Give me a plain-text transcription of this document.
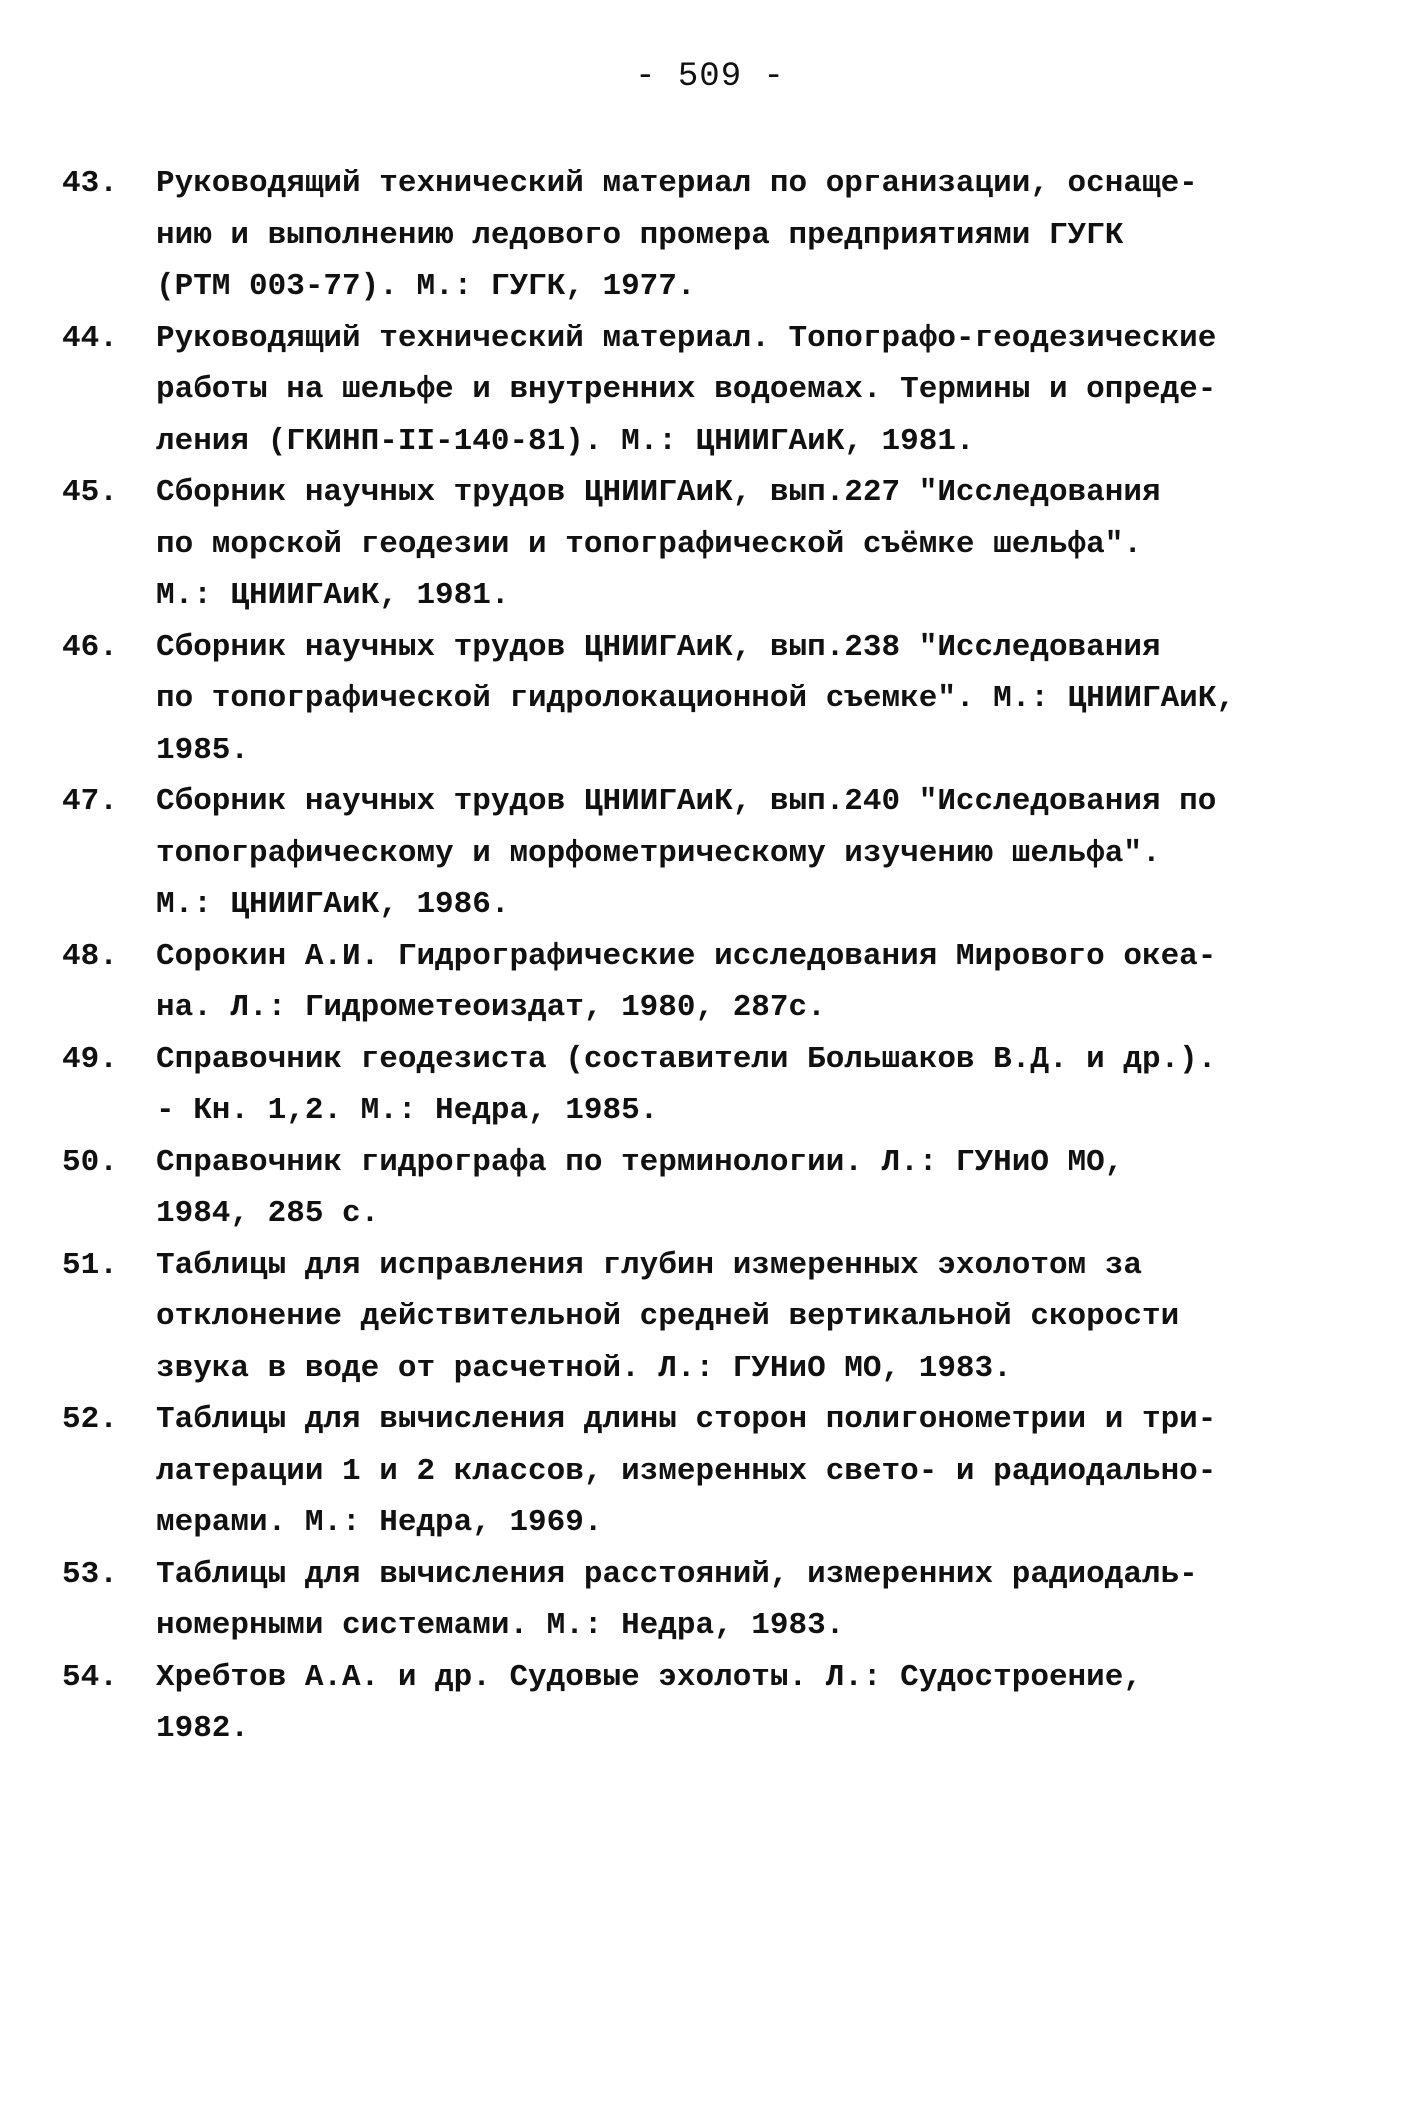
- 509 -
43.	Руководящий технический материал по организации, оснаще-
нию и выполнению ледового промера предприятиями ГУГК
(РТМ 003-77). М.: ГУГК, 1977.
44.	Руководящий технический материал. Топографо-геодезические
работы на шельфе и внутренних водоемах. Термины и опреде-
ления (ГКИНП-II-140-81). М.: ЦНИИГАиК, 1981.
45.	Сборник научных трудов ЦНИИГАиК, вып.227 "Исследования
по морской геодезии и топографической съёмке шельфа".
М.: ЦНИИГАиК, 1981.
46.	Сборник научных трудов ЦНИИГАиК, вып.238 "Исследования
по топографической гидролокационной съемке". М.: ЦНИИГАиК,
1985.
47.	Сборник научных трудов ЦНИИГАиК, вып.240 "Исследования по
топографическому и морфометрическому изучению шельфа".
М.: ЦНИИГАиК, 1986.
48.	Сорокин А.И. Гидрографические исследования Мирового океа-
на. Л.: Гидрометеоиздат, 1980, 287с.
49.	Справочник геодезиста (составители Большаков В.Д. и др.).
- Кн. 1,2. М.: Недра, 1985.
50.	Справочник гидрографа по терминологии. Л.: ГУНиО МО,
1984, 285 с.
51.	Таблицы для исправления глубин измеренных эхолотом за
отклонение действительной средней вертикальной скорости
звука в воде от расчетной. Л.: ГУНиО МО, 1983.
52.	Таблицы для вычисления длины сторон полигонометрии и три-
латерации 1 и 2 классов, измеренных свето- и радиодально-
мерами. М.: Недра, 1969.
53.	Таблицы для вычисления расстояний, измеренних радиодаль-
номерными системами. М.: Недра, 1983.
54.	Хребтов А.А. и др. Судовые эхолоты. Л.: Судостроение,
1982.
